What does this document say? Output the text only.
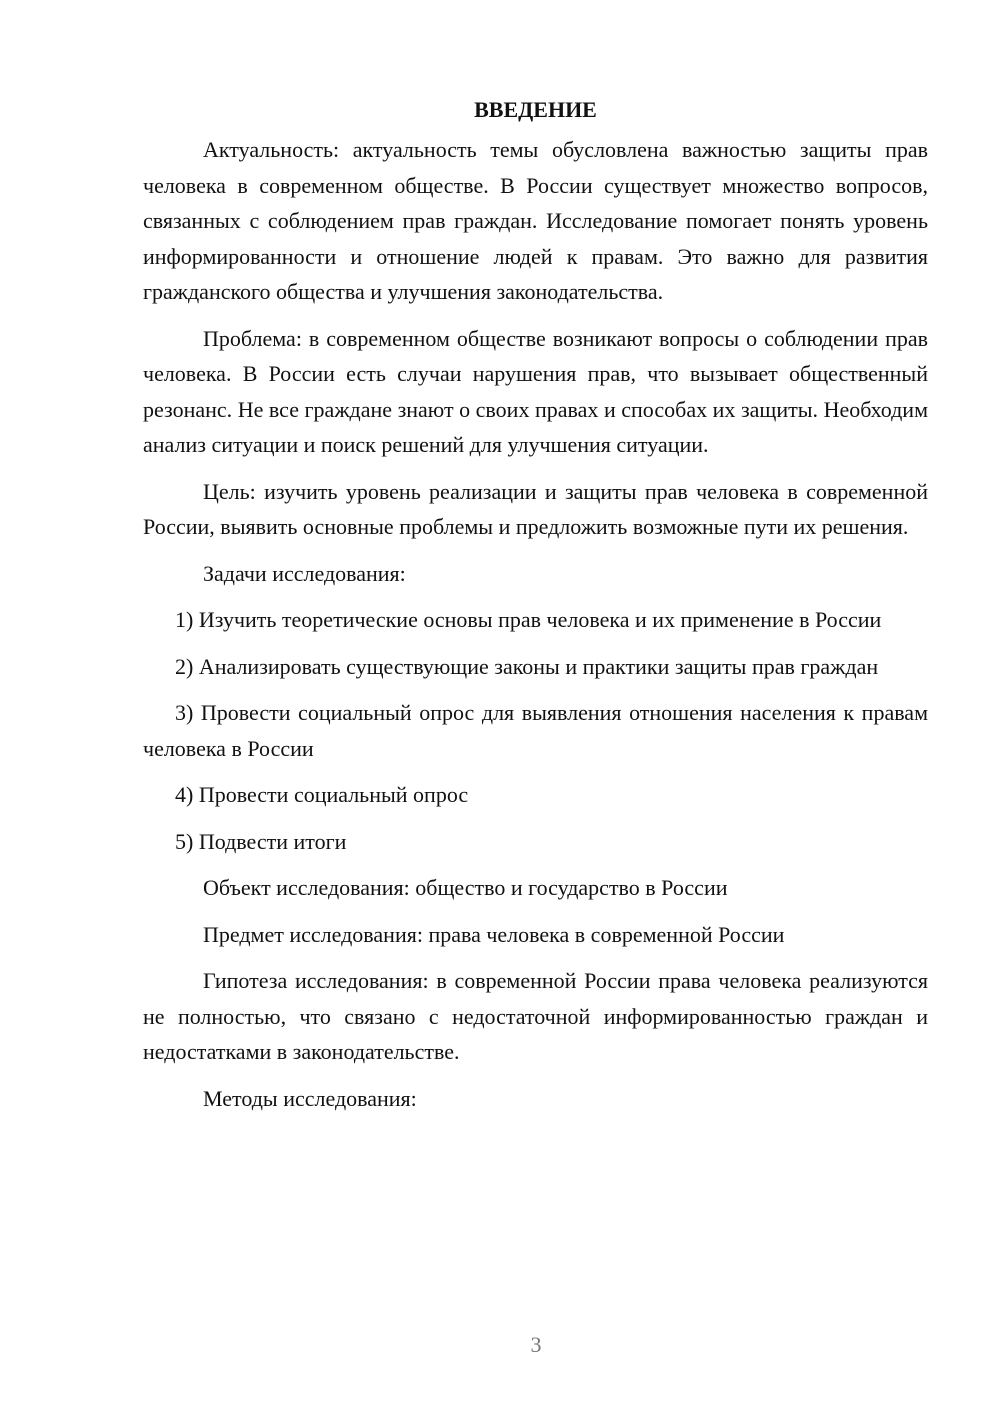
ВВЕДЕНИЕ

Актуальность: актуальность темы обусловлена важностью защиты прав человека в современном обществе. В России существует множество вопросов, связанных с соблюдением прав граждан. Исследование помогает понять уровень информированности и отношение людей к правам. Это важно для развития гражданского общества и улучшения законодательства.

Проблема: в современном обществе возникают вопросы о соблюдении прав человека. В России есть случаи нарушения прав, что вызывает общественный резонанс. Не все граждане знают о своих правах и способах их защиты. Необходим анализ ситуации и поиск решений для улучшения ситуации.

Цель: изучить уровень реализации и защиты прав человека в современной России, выявить основные проблемы и предложить возможные пути их решения.

Задачи исследования:

1) Изучить теоретические основы прав человека и их применение в России

2) Анализировать существующие законы и практики защиты прав граждан

3) Провести социальный опрос для выявления отношения населения к правам человека в России

4) Провести социальный опрос

5) Подвести итоги

Объект исследования: общество и государство в России

Предмет исследования: права человека в современной России

Гипотеза исследования: в современной России права человека реализуются не полностью, что связано с недостаточной информированностью граждан и недостатками в законодательстве.

Методы исследования:

3
